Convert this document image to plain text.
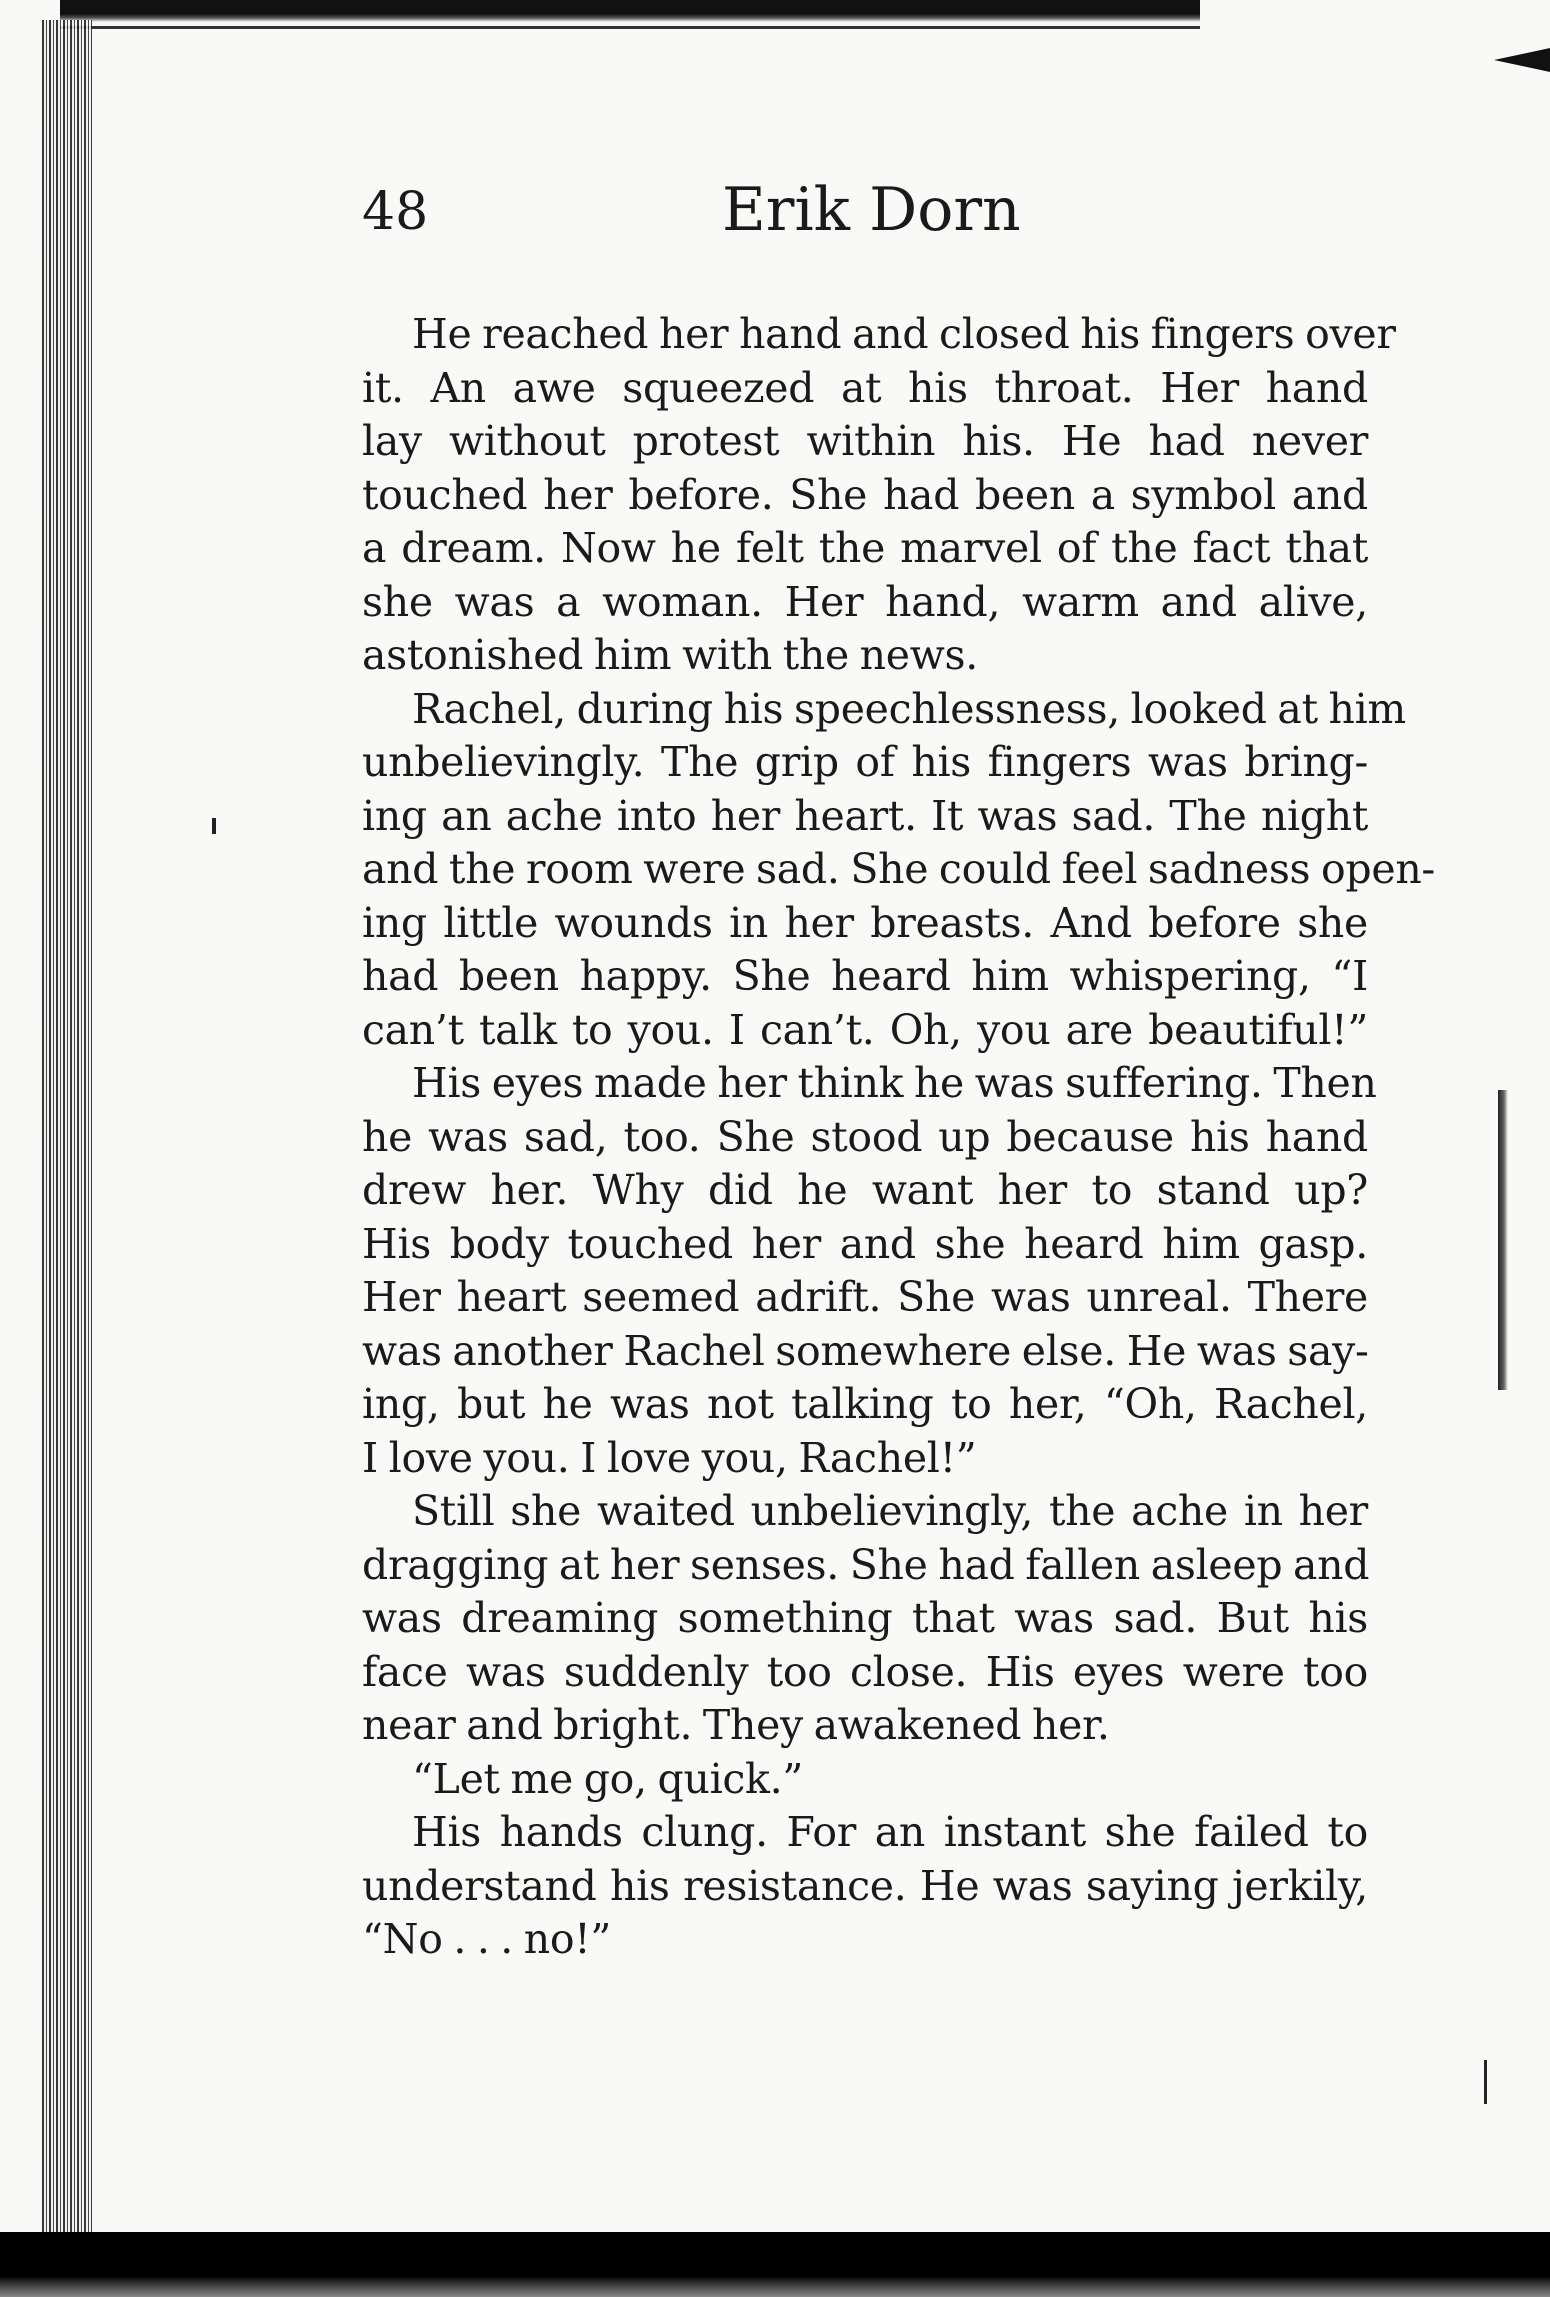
48	Erik Dorn
He reached her hand and closed his fingers over
it. An awe squeezed at his throat. Her hand
lay without protest within his. He had never
touched her before. She had been a symbol and
a dream. Now he felt the marvel of the fact that
she was a woman. Her hand, warm and alive,
astonished him with the news.
Rachel, during his speechlessness, looked at him
unbelievingly. The grip of his fingers was bring-
ing an ache into her heart. It was sad. The night
and the room were sad. She could feel sadness open-
ing little wounds in her breasts. And before she
had been happy. She heard him whispering, “I
can’t talk to you. I can’t. Oh, you are beautiful!”
His eyes made her think he was suffering. Then
he was sad, too. She stood up because his hand
drew her. Why did he want her to stand up?
His body touched her and she heard him gasp.
Her heart seemed adrift. She was unreal. There
was another Rachel somewhere else. He was say-
ing, but he was not talking to her, “Oh, Rachel,
I love you. I love you, Rachel!”
Still she waited unbelievingly, the ache in her
dragging at her senses. She had fallen asleep and
was dreaming something that was sad. But his
face was suddenly too close. His eyes were too
near and bright. They awakened her.
“Let me go, quick.”
His hands clung. For an instant she failed to
understand his resistance. He was saying jerkily,
“No . . . no!”
